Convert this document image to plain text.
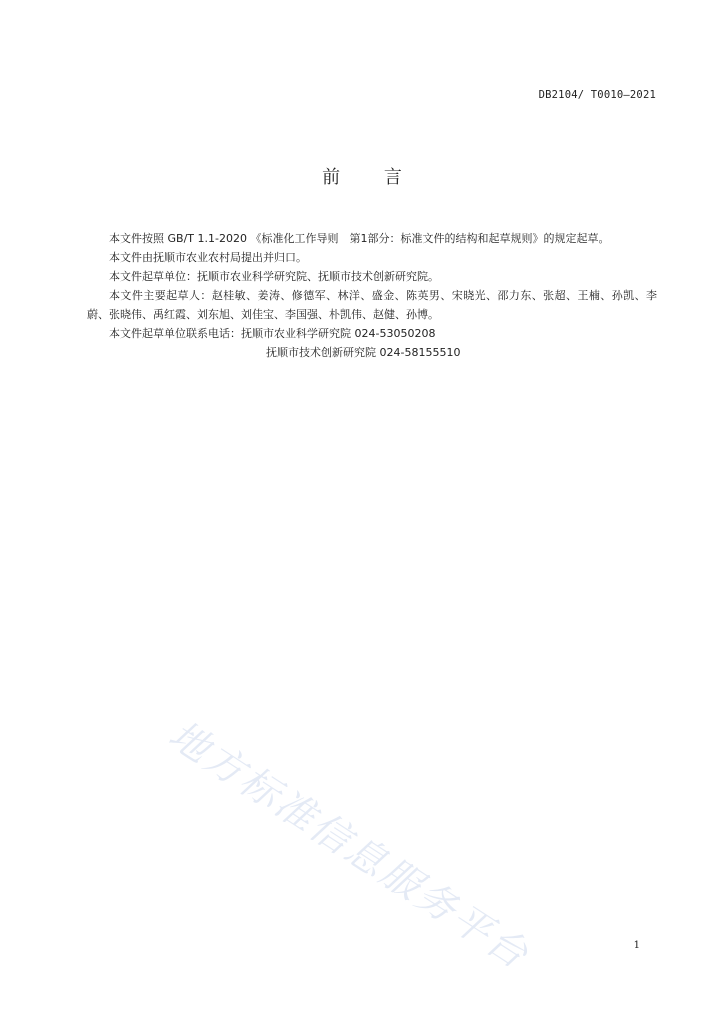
DB2104/ T0010—2021
前 言

本文件按照 GB/T 1.1-2020 《标准化工作导则　第1部分：标准文件的结构和起草规则》的规定起草。

本文件由抚顺市农业农村局提出并归口。

本文件起草单位：抚顺市农业科学研究院、抚顺市技术创新研究院。

本文件主要起草人：赵桂敏、姜涛、修德军、林洋、盛金、陈英男、宋晓光、邵力东、张超、王楠、孙凯、李蔚、张晓伟、禹红霞、刘东旭、刘佳宝、李国强、朴凯伟、赵健、孙博。

本文件起草单位联系电话：抚顺市农业科学研究院 024-53050208

抚顺市技术创新研究院 024-58155510

地方标准信息服务平台	1
